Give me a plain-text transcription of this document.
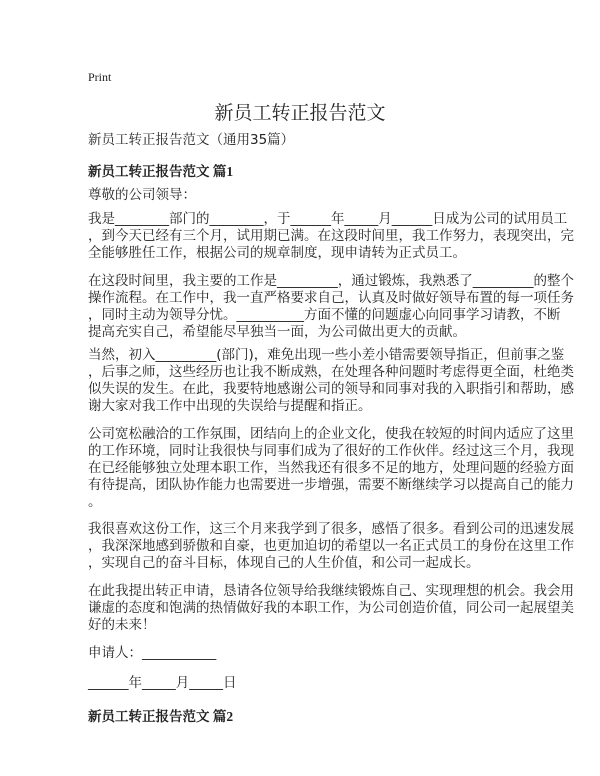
Print
新员工转正报告范文
新员工转正报告范文（通用35篇）
新员工转正报告范文 篇1
尊敬的公司领导：
我是________部门的________，于______年_____月______日成为公司的试用员工
，到今天已经有三个月，试用期已满。在这段时间里，我工作努力，表现突出，完
全能够胜任工作，根据公司的规章制度，现申请转为正式员工。
在这段时间里，我主要的工作是_________，通过锻炼，我熟悉了_________的整个
操作流程。在工作中，我一直严格要求自己，认真及时做好领导布置的每一项任务
，同时主动为领导分忧。__________方面不懂的问题虚心向同事学习请教，不断
提高充实自己，希望能尽早独当一面，为公司做出更大的贡献。
当然，初入_________(部门)，难免出现一些小差小错需要领导指正，但前事之鉴
，后事之师，这些经历也让我不断成熟，在处理各种问题时考虑得更全面，杜绝类
似失误的发生。在此，我要特地感谢公司的领导和同事对我的入职指引和帮助，感
谢大家对我工作中出现的失误给与提醒和指正。
公司宽松融洽的工作氛围，团结向上的企业文化，使我在较短的时间内适应了这里
的工作环境，同时让我很快与同事们成为了很好的工作伙伴。经过这三个月，我现
在已经能够独立处理本职工作，当然我还有很多不足的地方，处理问题的经验方面
有待提高，团队协作能力也需要进一步增强，需要不断继续学习以提高自己的能力
。
我很喜欢这份工作，这三个月来我学到了很多，感悟了很多。看到公司的迅速发展
，我深深地感到骄傲和自豪，也更加迫切的希望以一名正式员工的身份在这里工作
，实现自己的奋斗目标，体现自己的人生价值，和公司一起成长。
在此我提出转正申请，恳请各位领导给我继续锻炼自己、实现理想的机会。我会用
谦虚的态度和饱满的热情做好我的本职工作，为公司创造价值，同公司一起展望美
好的未来！
申请人：___________
______年_____月_____日
新员工转正报告范文 篇2
